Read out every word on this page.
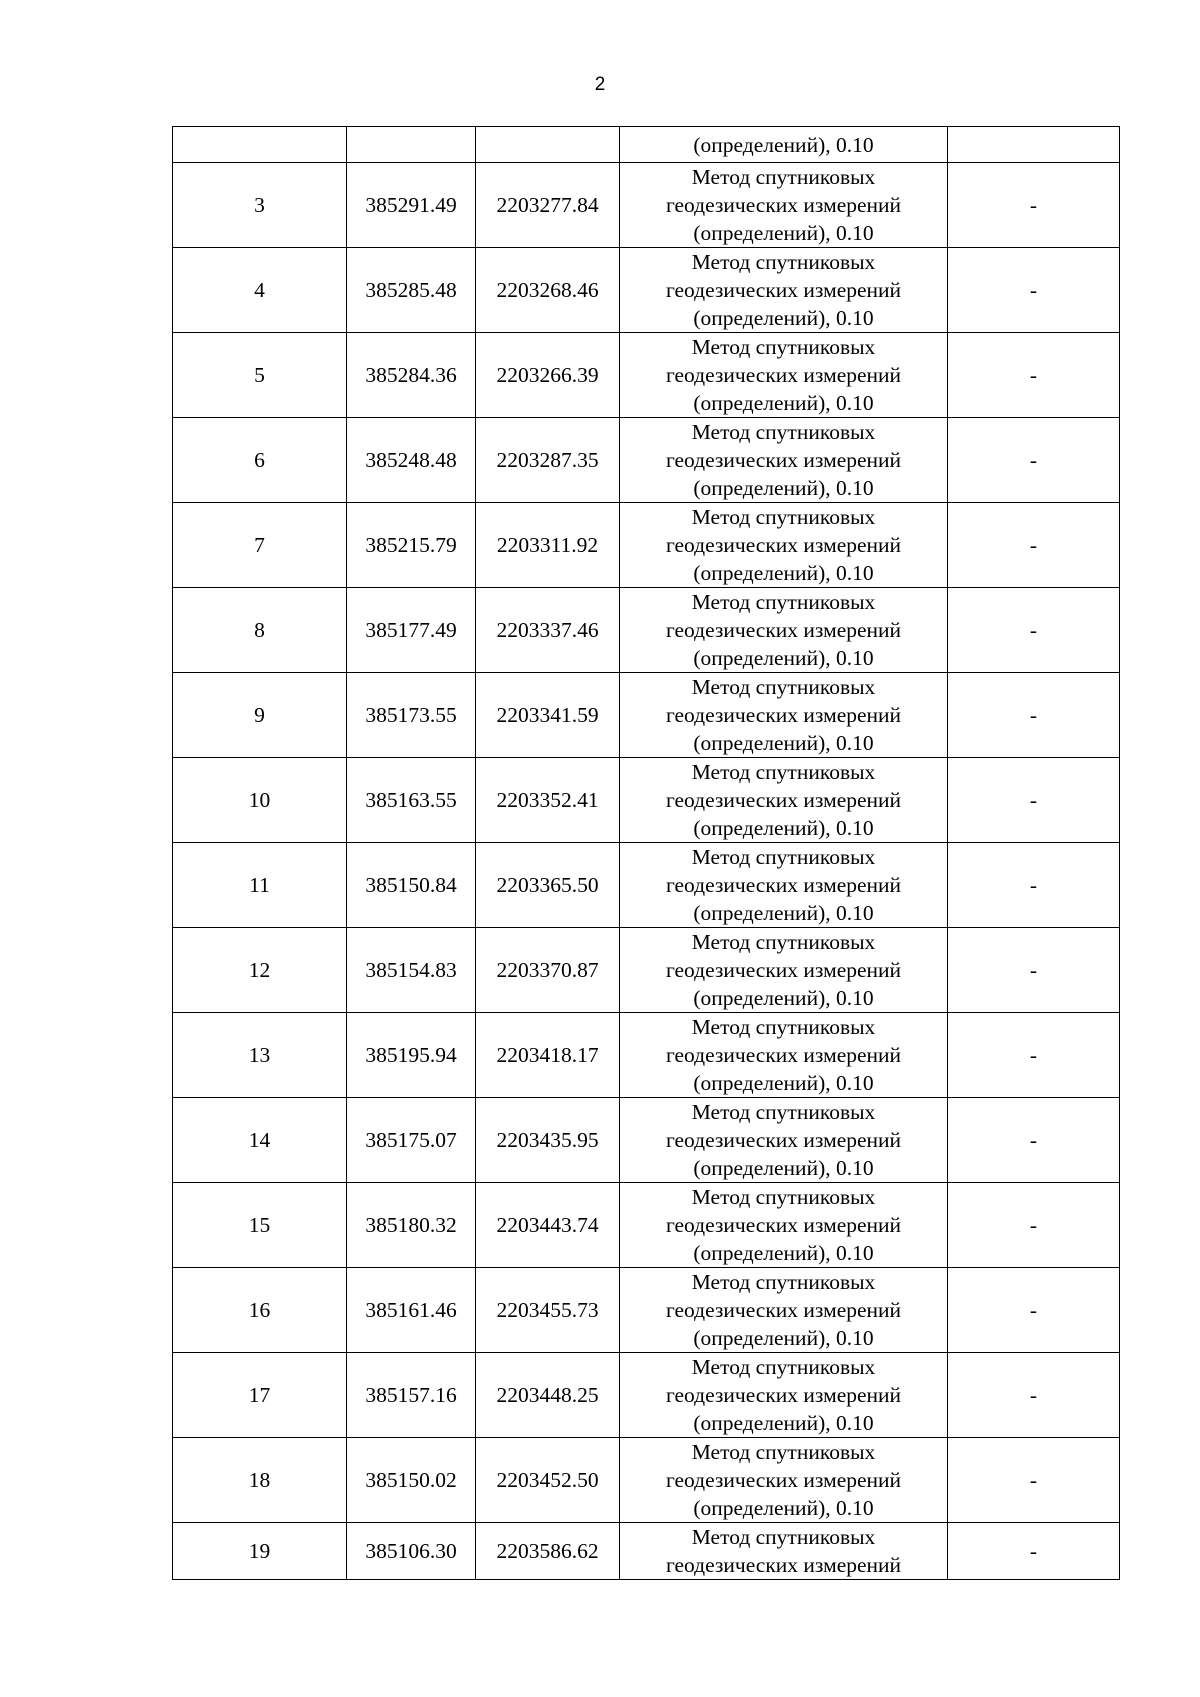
2
			(определений), 0.10	
3	385291.49	2203277.84	Метод спутниковых
геодезических измерений
(определений), 0.10	-
4	385285.48	2203268.46	Метод спутниковых
геодезических измерений
(определений), 0.10	-
5	385284.36	2203266.39	Метод спутниковых
геодезических измерений
(определений), 0.10	-
6	385248.48	2203287.35	Метод спутниковых
геодезических измерений
(определений), 0.10	-
7	385215.79	2203311.92	Метод спутниковых
геодезических измерений
(определений), 0.10	-
8	385177.49	2203337.46	Метод спутниковых
геодезических измерений
(определений), 0.10	-
9	385173.55	2203341.59	Метод спутниковых
геодезических измерений
(определений), 0.10	-
10	385163.55	2203352.41	Метод спутниковых
геодезических измерений
(определений), 0.10	-
11	385150.84	2203365.50	Метод спутниковых
геодезических измерений
(определений), 0.10	-
12	385154.83	2203370.87	Метод спутниковых
геодезических измерений
(определений), 0.10	-
13	385195.94	2203418.17	Метод спутниковых
геодезических измерений
(определений), 0.10	-
14	385175.07	2203435.95	Метод спутниковых
геодезических измерений
(определений), 0.10	-
15	385180.32	2203443.74	Метод спутниковых
геодезических измерений
(определений), 0.10	-
16	385161.46	2203455.73	Метод спутниковых
геодезических измерений
(определений), 0.10	-
17	385157.16	2203448.25	Метод спутниковых
геодезических измерений
(определений), 0.10	-
18	385150.02	2203452.50	Метод спутниковых
геодезических измерений
(определений), 0.10	-
19	385106.30	2203586.62	Метод спутниковых
геодезических измерений	-
